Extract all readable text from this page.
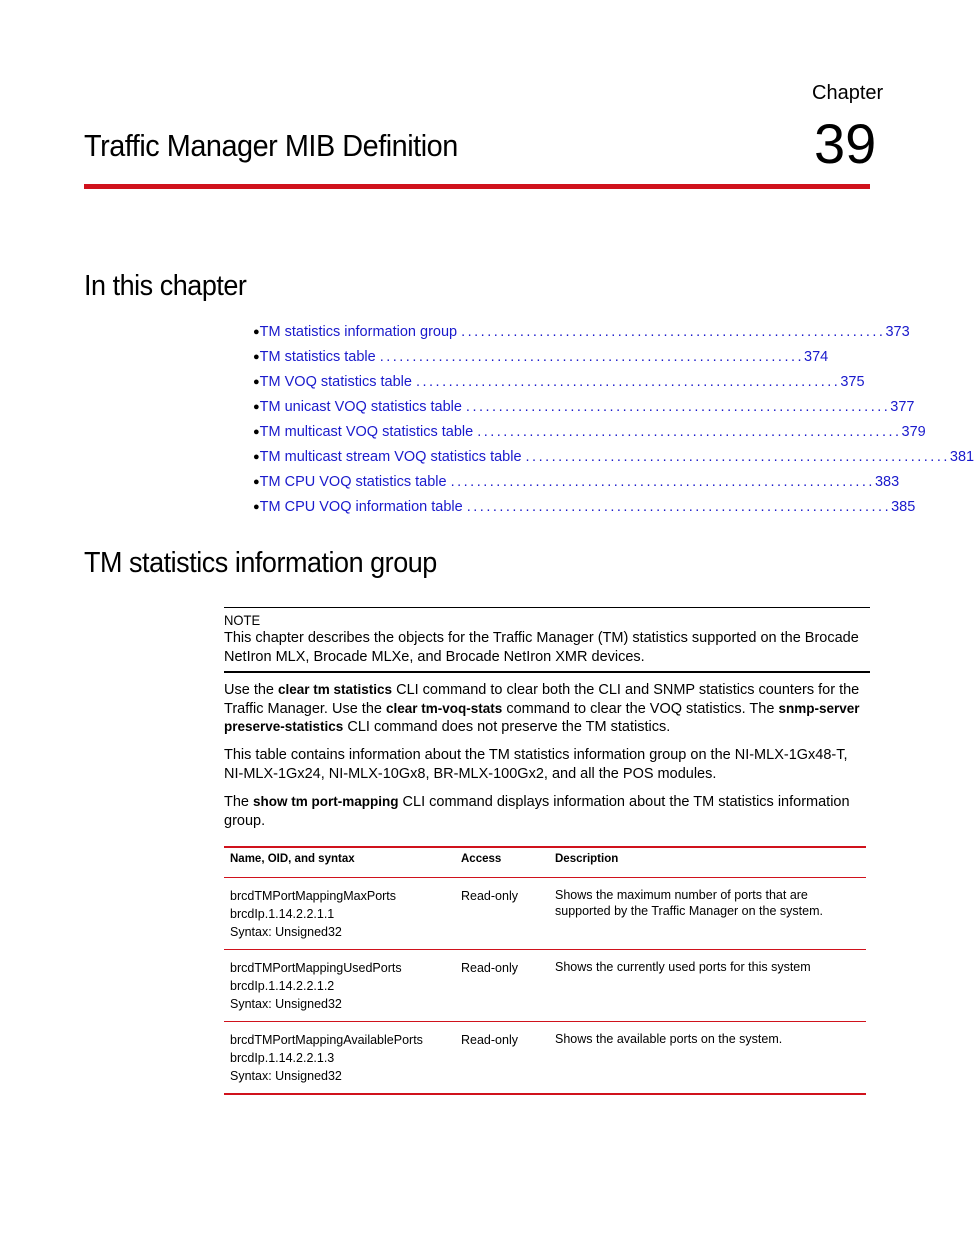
Chapter
39
Traffic Manager MIB Definition
In this chapter
● TM statistics information group ................................................................. 373
● TM statistics table ................................................................. 374
● TM VOQ statistics table ................................................................. 375
● TM unicast VOQ statistics table ................................................................. 377
● TM multicast VOQ statistics table ................................................................. 379
● TM multicast stream VOQ statistics table ................................................................. 381
● TM CPU VOQ statistics table ................................................................. 383
● TM CPU VOQ information table ................................................................. 385
TM statistics information group
NOTE
This chapter describes the objects for the Traffic Manager (TM) statistics supported on the Brocade NetIron MLX, Brocade MLXe, and Brocade NetIron XMR devices.

Use the clear tm statistics CLI command to clear both the CLI and SNMP statistics counters for the Traffic Manager. Use the clear tm-voq-stats command to clear the VOQ statistics. The snmp-server preserve-statistics CLI command does not preserve the TM statistics.

This table contains information about the TM statistics information group on the NI-MLX-1Gx48-T, NI-MLX-1Gx24, NI-MLX-10Gx8, BR-MLX-100Gx2, and all the POS modules.

The show tm port-mapping CLI command displays information about the TM statistics information group.

Name, OID, and syntax	Access	Description

brcdTMPortMappingMaxPorts
brcdIp.1.14.2.2.1.1
Syntax: Unsigned32	Read-only	Shows the maximum number of ports that are supported by the Traffic Manager on the system.

brcdTMPortMappingUsedPorts
brcdIp.1.14.2.2.1.2
Syntax: Unsigned32	Read-only	Shows the currently used ports for this system

brcdTMPortMappingAvailablePorts
brcdIp.1.14.2.2.1.3
Syntax: Unsigned32	Read-only	Shows the available ports on the system.
